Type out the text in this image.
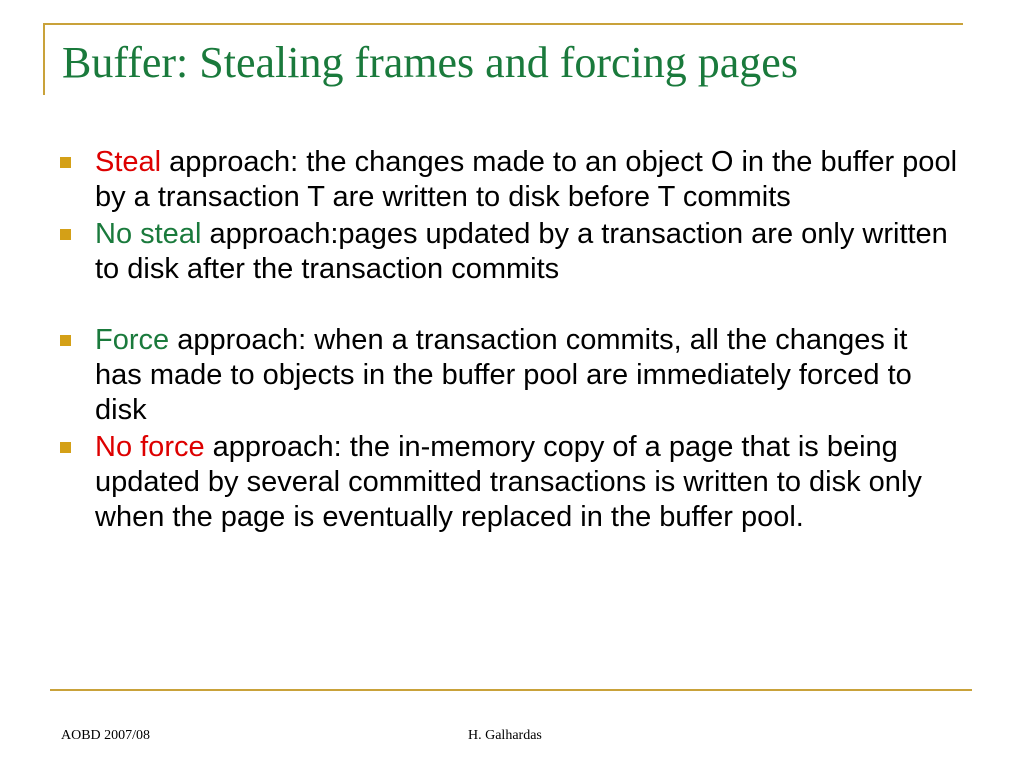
Buffer: Stealing frames and forcing pages
Steal approach: the changes made to an object O in the buffer pool by a transaction T are written to disk before T commits
No steal approach:pages updated by a transaction are only written to disk after the transaction commits
Force approach: when a transaction commits, all the changes it has made to objects in the buffer pool are immediately forced to disk
No force approach: the in-memory copy of a page that is being updated by several committed transactions is written to disk only when the page is eventually replaced in the buffer pool.
AOBD 2007/08	H. Galhardas
